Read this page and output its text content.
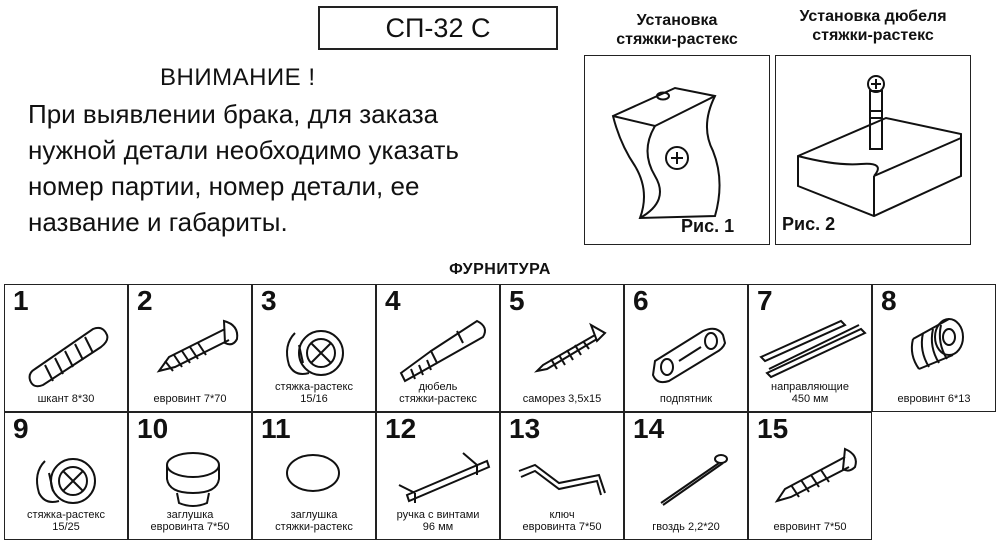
СП-32 С
ВНИМАНИЕ !
При выявлении брака, для заказа
нужной детали необходимо указать
номер партии, номер детали, ее
название и габариты.
Установка
стяжки-растекс
Рис. 1
Установка дюбеля
стяжки-растекс
Рис. 2
ФУРНИТУРА
1
шкант 8*30
2
евровинт 7*70
3
стяжка-растекс
15/16
4
дюбель
стяжки-растекс
5
саморез 3,5x15
6
подпятник
7
направляющие
450 мм
8
евровинт 6*13
9
стяжка-растекс
15/25
10
заглушка
евровинта 7*50
11
заглушка
стяжки-растекс
12
ручка с винтами
96 мм
13
ключ
евровинта 7*50
14
гвоздь 2,2*20
15
евровинт 7*50
